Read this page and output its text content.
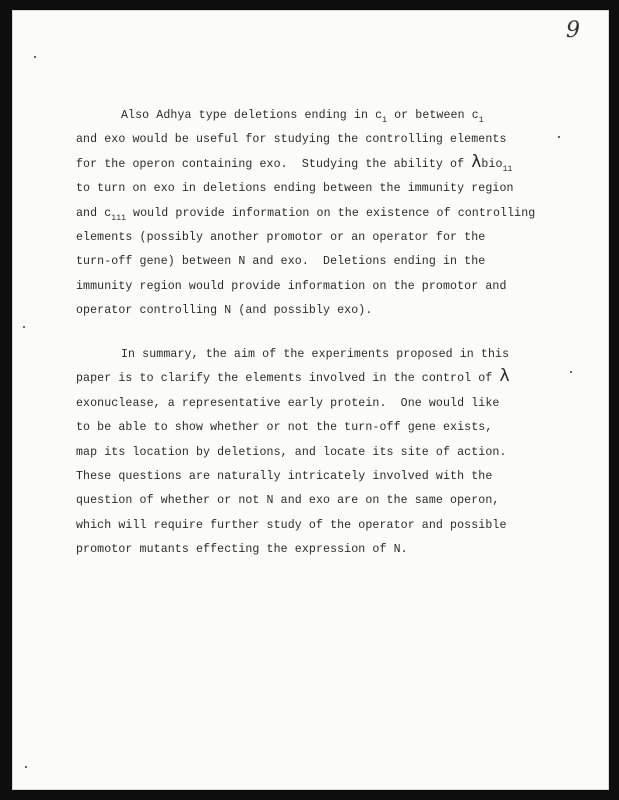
9
Also Adhya type deletions ending in $c_1$ or between $c_1$
and exo would be useful for studying the controlling elements
for the operon containing exo.  Studying the ability of λbio$_{11}$
to turn on exo in deletions ending between the immunity region
and $c_{111}$ would provide information on the existence of controlling
elements (possibly another promotor or an operator for the
turn-off gene) between N and exo.  Deletions ending in the
immunity region would provide information on the promotor and
operator controlling N (and possibly exo).
In summary, the aim of the experiments proposed in this
paper is to clarify the elements involved in the control of λ
exonuclease, a representative early protein.  One would like
to be able to show whether or not the turn-off gene exists,
map its location by deletions, and locate its site of action.
These questions are naturally intricately involved with the
question of whether or not N and exo are on the same operon,
which will require further study of the operator and possible
promotor mutants effecting the expression of N.
